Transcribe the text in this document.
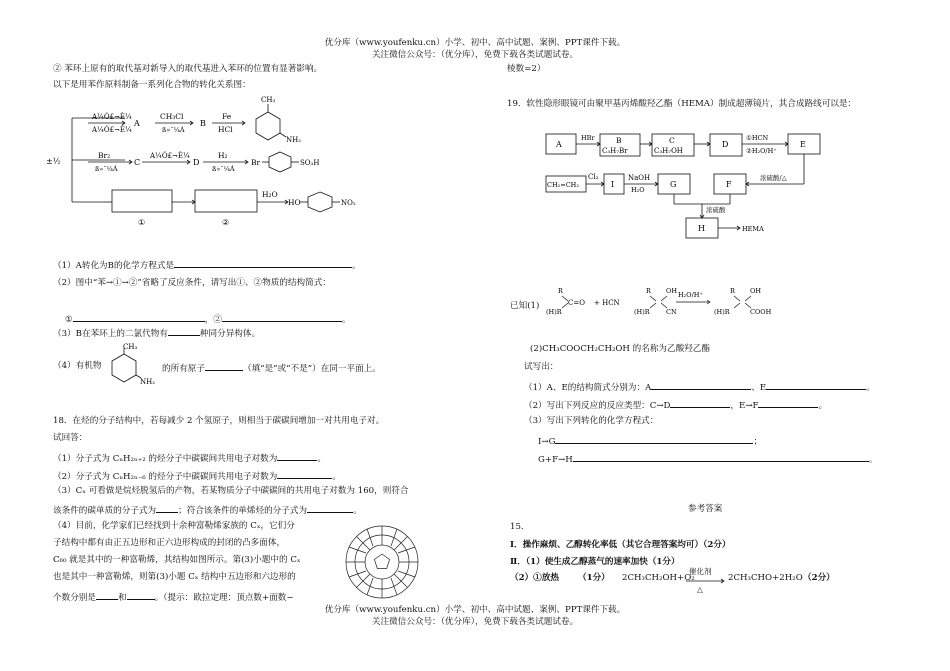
优分库（www.youfenku.cn）小学、初中、高中试题、案例、PPT课件下载。
关注微信公众号：（优分库），免费下载各类试题试卷。
② 苯环上原有的取代基对新导入的取代基进入苯环的位置有显著影响。
以下是用苯作原料制备一系列化合物的转化关系图：
±½
A¼Ó£¬È¼
A¼Ó£¬È¼
A
CH₃Cl
ß»¯¼Á
B
Fe
HCl
CH₃
NH₂
Br₂
ß»¯¼Á
C
A¼Ó£¬È¼
D
H₂
ß»¯¼Á
Br	SO₃H
①	②
H₂O
HO	NO₂
（1）A转化为B的化学方程式是	。
（2）图中“苯→①→②”省略了反应条件，请写出①、②物质的结构简式：
①	，②	。
（3）B在苯环上的二氯代物有	种同分异构体。
（4）有机物
CH₃
NH₂
的所有原子	（填“是”或“不是”）在同一平面上。
18．在烃的分子结构中，若每减少 2 个氢原子，则相当于碳碳间增加一对共用电子对。
试回答：
（1）分子式为 CₙH₂ₙ₊₂ 的烃分子中碳碳间共用电子对数为	。
（2）分子式为 CₙH₂ₙ₋₆ 的烃分子中碳碳间共用电子对数为	。
（3）Cₓ 可看做是烷烃脱氢后的产物，若某物质分子中碳碳间的共用电子对数为 160，则符合
该条件的碳单质的分子式为	；符合该条件的单烯烃的分子式为	。
（4）目前，化学家们已经找到十余种富勒烯家族的 Cₓ，它们分
子结构中都有由正五边形和正六边形构成的封闭的凸多面体，
C₆₀ 就是其中的一种富勒烯，其结构如图所示。第(3)小题中的 Cₓ
也是其中一种富勒烯，则第(3)小题 Cₓ 结构中五边形和六边形的
个数分别是	和	。（提示：欧拉定理：顶点数+面数−
棱数=2）
19．软性隐形眼镜可由聚甲基丙烯酸羟乙酯（HEMA）制成超薄镜片，其合成路线可以是：
A
HBr	B
C₃H₇Br
C
C₃H₇OH
D
①HCN
②H₂O/H⁺
E
CH₂=CH₂
Cl₂
I
NaOH
H₂O
G	F
浓硫酸/△
浓硫酸
H	HEMA
已知(1)
R
(H)R
C=O + HCN
R OH
(H)R	CN
H₂O/H⁺	R OH
(H)R	COOH
(2)CH₃COOCH₂CH₂OH 的名称为乙酸羟乙酯
试写出：
（1）A、E的结构简式分别为：A	、E	。
（2）写出下列反应的反应类型：C→D	，E→F	。
（3）写出下列转化的化学方程式：
I→G	；
G+F→H	。
参考答案
15．
Ⅰ．操作麻烦、乙醇转化率低（其它合理答案均可）（2分）
Ⅱ．（1）使生成乙醇蒸气的速率加快（1分）
（2）①放热 （1分） 2CH₃CH₂OH+O₂
催化剂
△
2CH₃CHO+2H₂O （2分）
优分库（www.youfenku.cn）小学、初中、高中试题、案例、PPT课件下载。
关注微信公众号：（优分库），免费下载各类试题试卷。
